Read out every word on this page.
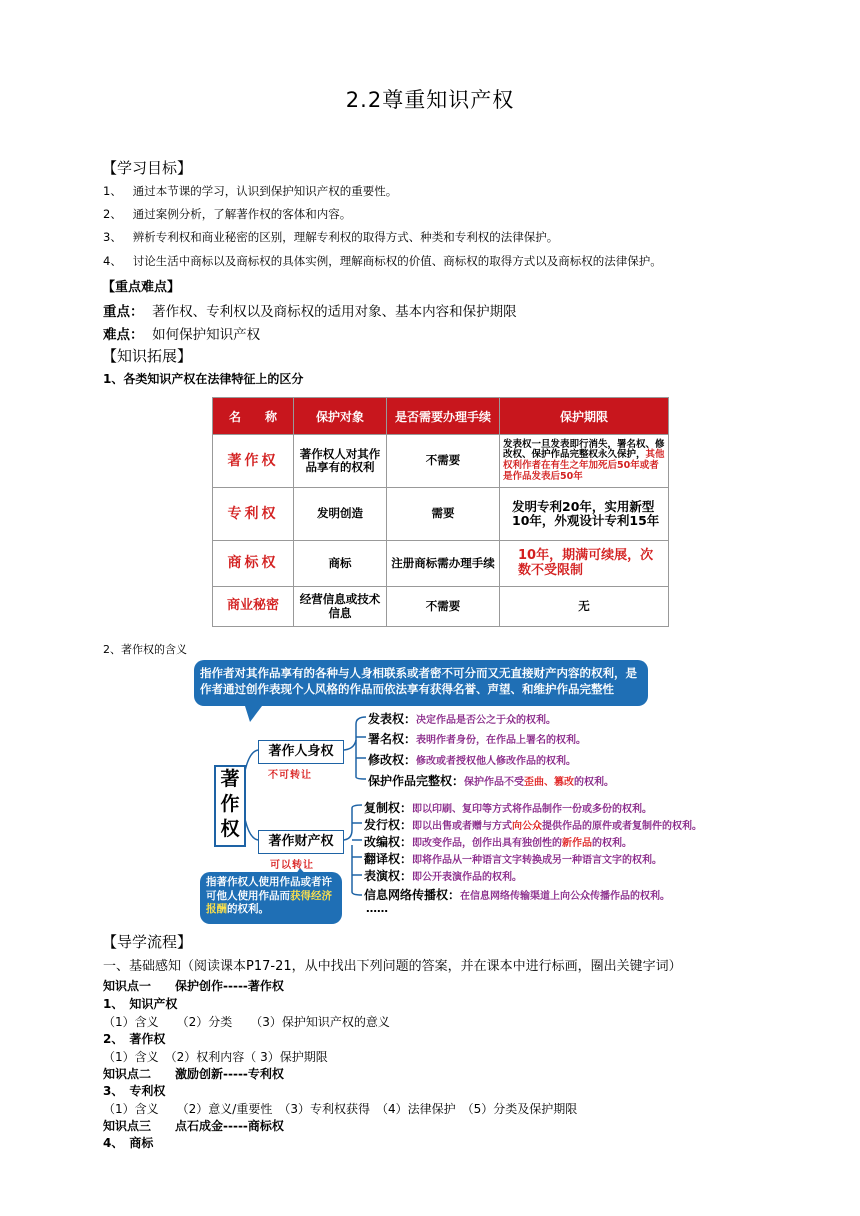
2.2尊重知识产权
【学习目标】
1、 通过本节课的学习，认识到保护知识产权的重要性。
2、 通过案例分析，了解著作权的客体和内容。
3、 辨析专利权和商业秘密的区别，理解专利权的取得方式、种类和专利权的法律保护。
4、 讨论生活中商标以及商标权的具体实例，理解商标权的价值、商标权的取得方式以及商标权的法律保护。
【重点难点】
重点： 著作权、专利权以及商标权的适用对象、基本内容和保护期限
难点： 如何保护知识产权
【知识拓展】
1、各类知识产权在法律特征上的区分
名　　称	保护对象	是否需要办理手续	保护期限
著作权	著作权人对其作品享有的权利	不需要	发表权一旦发表即行消失，署名权、修改权、保护作品完整权永久保护，其他权利作者在有生之年加死后50年或者是作品发表后50年
专利权	发明创造	需要	发明专利20年，实用新型10年，外观设计专利15年
商标权	商标	注册商标需办理手续	10年，期满可续展，次数不受限制
商业秘密	经营信息或技术信息	不需要	无
2、著作权的含义
指作者对其作品享有的各种与人身相联系或者密不可分而又无直接财产内容的权利，是作者通过创作表现个人风格的作品而依法享有获得名誉、声望、和维护作品完整性
著作权
著作人身权
不可转让
著作财产权
可以转让
指著作权人使用作品或者许可他人使用作品而获得经济报酬的权利。
发表权：决定作品是否公之于众的权利。
署名权：表明作者身份，在作品上署名的权利。
修改权：修改或者授权他人修改作品的权利。
保护作品完整权：保护作品不受歪曲、篡改的权利。
复制权：即以印刷、复印等方式将作品制作一份或多份的权利。
发行权：即以出售或者赠与方式向公众提供作品的原件或者复制件的权利。
改编权：即改变作品，创作出具有独创性的新作品的权利。
翻译权：即将作品从一种语言文字转换成另一种语言文字的权利。
表演权：即公开表演作品的权利。
信息网络传播权：在信息网络传输渠道上向公众传播作品的权利。
……
【导学流程】
一、基础感知（阅读课本P17-21，从中找出下列问题的答案，并在课本中进行标画，圈出关键字词）
知识点一　　保护创作-----著作权
1、　知识产权
（1）含义　　（2）分类　　（3）保护知识产权的意义
2、　著作权
（1）含义　（2）权利内容（ 3）保护期限
知识点二　　激励创新-----专利权
3、　专利权
（1）含义　　（2）意义/重要性　（3）专利权获得　（4）法律保护　（5）分类及保护期限
知识点三　　点石成金-----商标权
4、　商标
